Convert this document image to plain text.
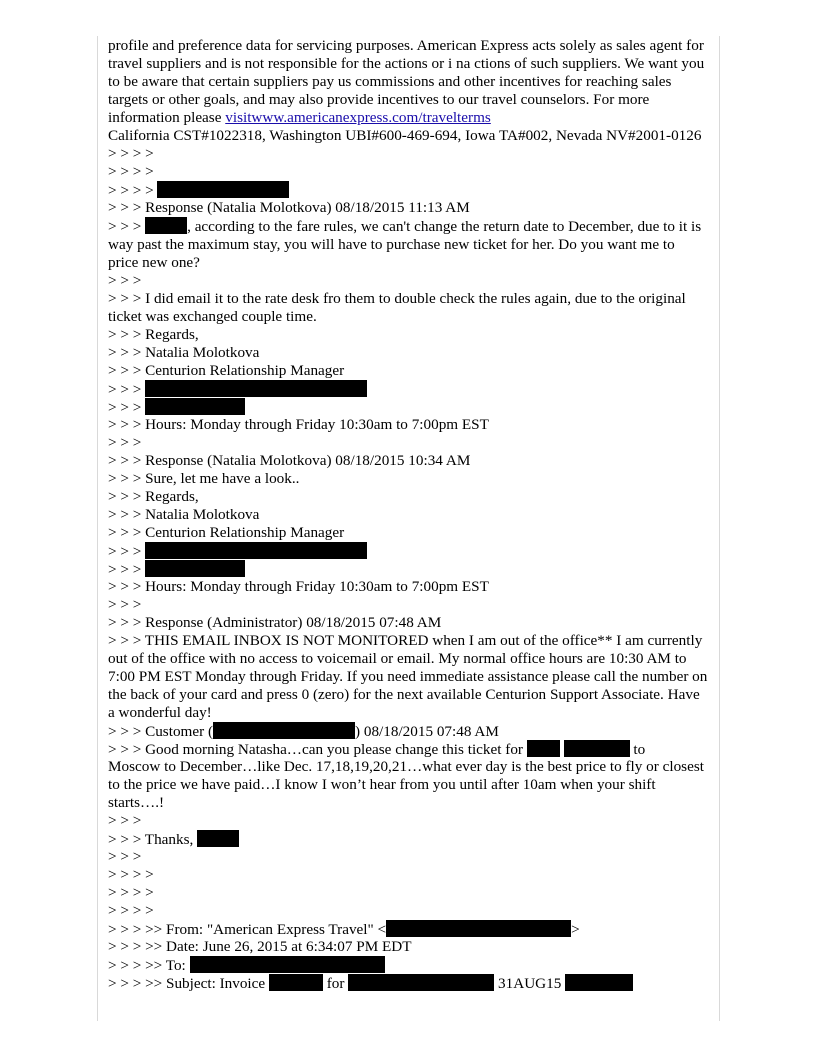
profile and preference data for servicing purposes. American Express acts solely as sales agent for travel suppliers and is not responsible for the actions or i na ctions of such suppliers. We want you to be aware that certain suppliers pay us commissions and other incentives for reaching sales targets or other goals, and may also provide incentives to our travel counselors. For more information please visitwww.americanexpress.com/travelterms
California CST#1022318, Washington UBI#600-469-694, Iowa TA#002, Nevada NV#2001-0126
> > > >
> > > >
> > > >
> > > Response (Natalia Molotkova) 08/18/2015 11:13 AM
> > >	, according to the fare rules, we can't change the return date to December, due to it is way past the maximum stay, you will have to purchase new ticket for her. Do you want me to price new one?
> > >
> > > I did email it to the rate desk fro them to double check the rules again, due to the original ticket was exchanged couple time.
> > > Regards,
> > > Natalia Molotkova
> > > Centurion Relationship Manager
> > >
> > >
> > > Hours: Monday through Friday 10:30am to 7:00pm EST
> > >
> > > Response (Natalia Molotkova) 08/18/2015 10:34 AM
> > > Sure, let me have a look..
> > > Regards,
> > > Natalia Molotkova
> > > Centurion Relationship Manager
> > >
> > >
> > > Hours: Monday through Friday 10:30am to 7:00pm EST
> > >
> > > Response (Administrator) 08/18/2015 07:48 AM
> > > THIS EMAIL INBOX IS NOT MONITORED when I am out of the office** I am currently out of the office with no access to voicemail or email. My normal office hours are 10:30 AM to 7:00 PM EST Monday through Friday. If you need immediate assistance please call the number on the back of your card and press 0 (zero) for the next available Centurion Support Associate. Have a wonderful day!
> > > Customer (	) 08/18/2015 07:48 AM
> > > Good morning Natasha…can you please change this ticket for	to
Moscow to December…like Dec. 17,18,19,20,21…what ever day is the best price to fly or closest to the price we have paid…I know I won’t hear from you until after 10am when your shift starts….!
> > >
> > > Thanks,
> > >
> > > >
> > > >
> > > >
> > > >> From: "American Express Travel" <	>
> > > >> Date: June 26, 2015 at 6:34:07 PM EDT
> > > >> To:
> > > >> Subject: Invoice	for	31AUG15
